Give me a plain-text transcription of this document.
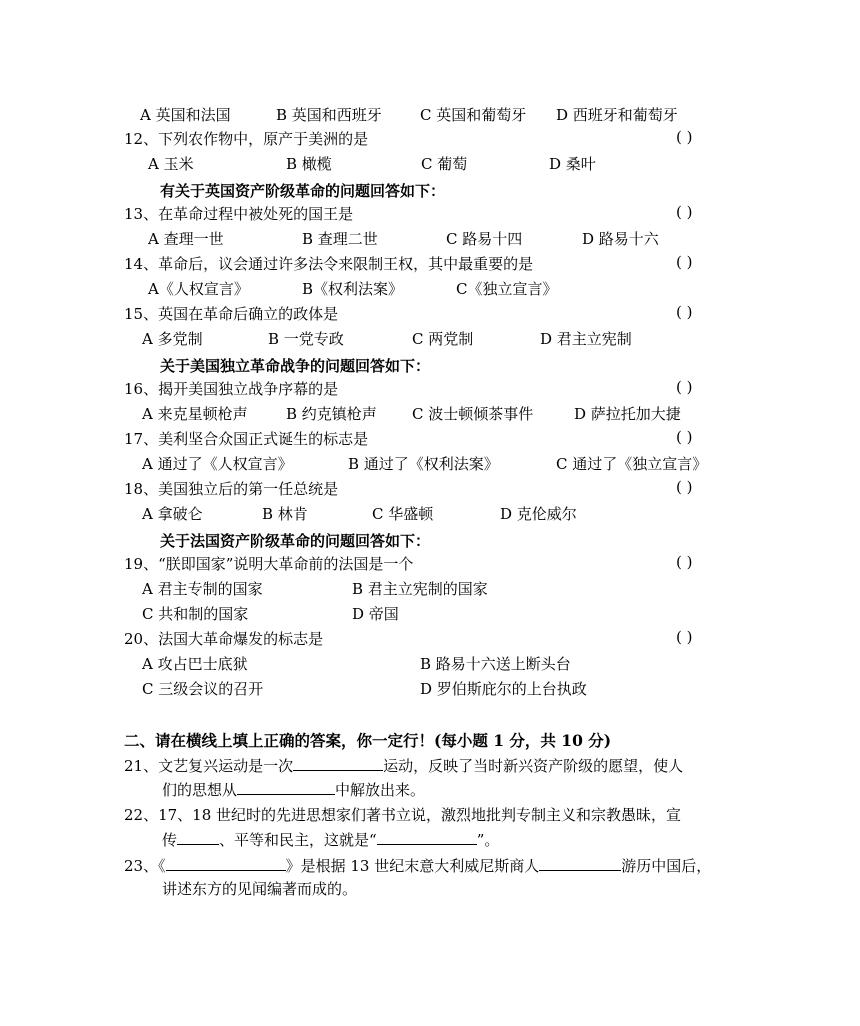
A 英国和法国	B 英国和西班牙	C 英国和葡萄牙 D 西班牙和葡萄牙
12、下列农作物中，原产于美洲的是	( )
A 玉米	B 橄榄	C 葡萄	D 桑叶
有关于英国资产阶级革命的问题回答如下：
13、在革命过程中被处死的国王是	( )
A 查理一世	B 查理二世	C 路易十四	D 路易十六
14、革命后，议会通过许多法令来限制王权，其中最重要的是	( )
A《人权宣言》	B《权利法案》	C《独立宣言》
15、英国在革命后确立的政体是	( )
A 多党制	B 一党专政	C 两党制	D 君主立宪制
关于美国独立革命战争的问题回答如下：
16、揭开美国独立战争序幕的是	( )
A 来克星顿枪声	B 约克镇枪声 C 波士顿倾茶事件	D 萨拉托加大捷
17、美利坚合众国正式诞生的标志是	( )
A 通过了《人权宣言》	B 通过了《权利法案》	C 通过了《独立宣言》
18、美国独立后的第一任总统是	( )
A 拿破仑	B 林肯	C 华盛顿	D 克伦威尔
关于法国资产阶级革命的问题回答如下：
19、“朕即国家”说明大革命前的法国是一个	( )
A 君主专制的国家	B 君主立宪制的国家
C 共和制的国家	D 帝国
20、法国大革命爆发的标志是	( )
A 攻占巴士底狱	B 路易十六送上断头台
C 三级会议的召开	D 罗伯斯庇尔的上台执政
二、请在横线上填上正确的答案，你一定行！(每小题 1 分，共 10 分)
21、文艺复兴运动是一次	运动，反映了当时新兴资产阶级的愿望，使人
们的思想从	中解放出来。
22、17、18 世纪时的先进思想家们著书立说，激烈地批判专制主义和宗教愚昧，宣
传	、平等和民主，这就是“	”。
23、《	》是根据 13 世纪末意大利威尼斯商人	游历中国后，
讲述东方的见闻编著而成的。
